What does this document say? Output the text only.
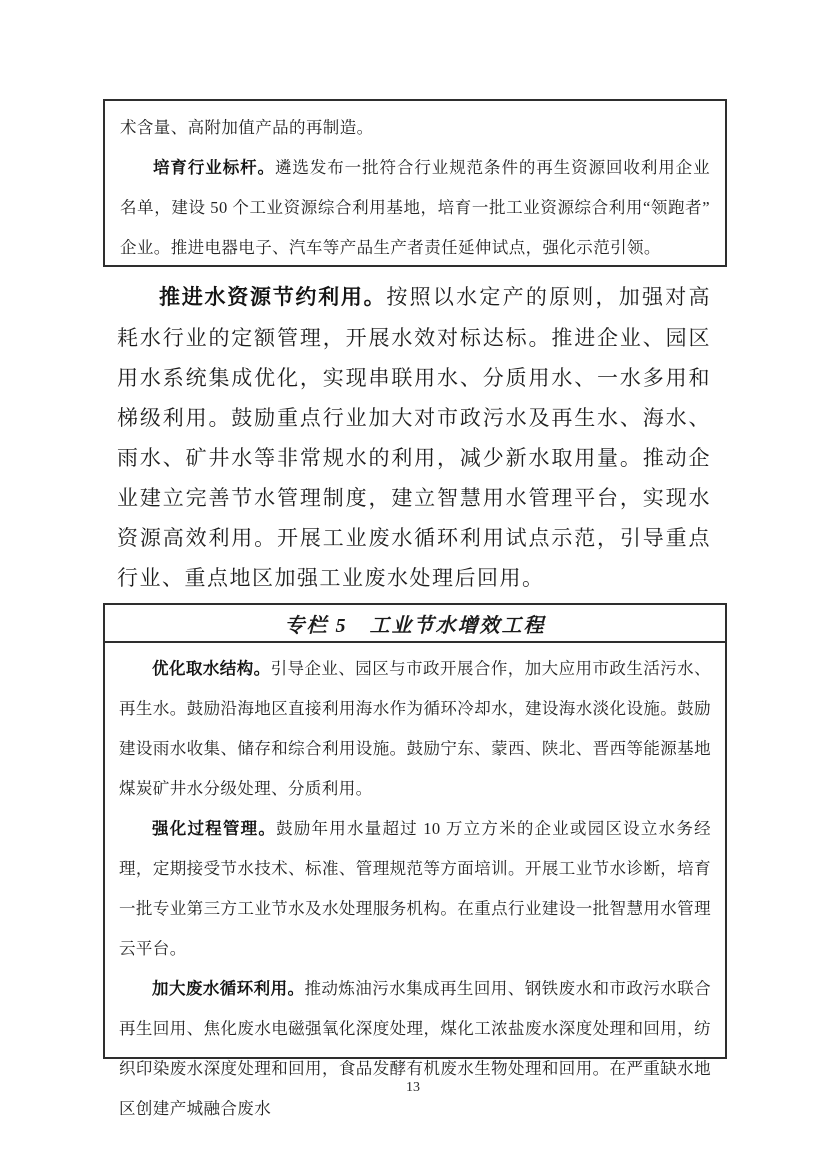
术含量、高附加值产品的再制造。

培育行业标杆。遴选发布一批符合行业规范条件的再生资源回收利用企业名单，建设 50 个工业资源综合利用基地，培育一批工业资源综合利用“领跑者”企业。推进电器电子、汽车等产品生产者责任延伸试点，强化示范引领。

推进水资源节约利用。按照以水定产的原则，加强对高耗水行业的定额管理，开展水效对标达标。推进企业、园区用水系统集成优化，实现串联用水、分质用水、一水多用和梯级利用。鼓励重点行业加大对市政污水及再生水、海水、雨水、矿井水等非常规水的利用，减少新水取用量。推动企业建立完善节水管理制度，建立智慧用水管理平台，实现水资源高效利用。开展工业废水循环利用试点示范，引导重点行业、重点地区加强工业废水处理后回用。

专栏 5　工业节水增效工程

优化取水结构。引导企业、园区与市政开展合作，加大应用市政生活污水、再生水。鼓励沿海地区直接利用海水作为循环冷却水，建设海水淡化设施。鼓励建设雨水收集、储存和综合利用设施。鼓励宁东、蒙西、陕北、晋西等能源基地煤炭矿井水分级处理、分质利用。

强化过程管理。鼓励年用水量超过 10 万立方米的企业或园区设立水务经理，定期接受节水技术、标准、管理规范等方面培训。开展工业节水诊断，培育一批专业第三方工业节水及水处理服务机构。在重点行业建设一批智慧用水管理云平台。

加大废水循环利用。推动炼油污水集成再生回用、钢铁废水和市政污水联合再生回用、焦化废水电磁强氧化深度处理，煤化工浓盐废水深度处理和回用，纺织印染废水深度处理和回用，食品发酵有机废水生物处理和回用。在严重缺水地区创建产城融合废水

13
